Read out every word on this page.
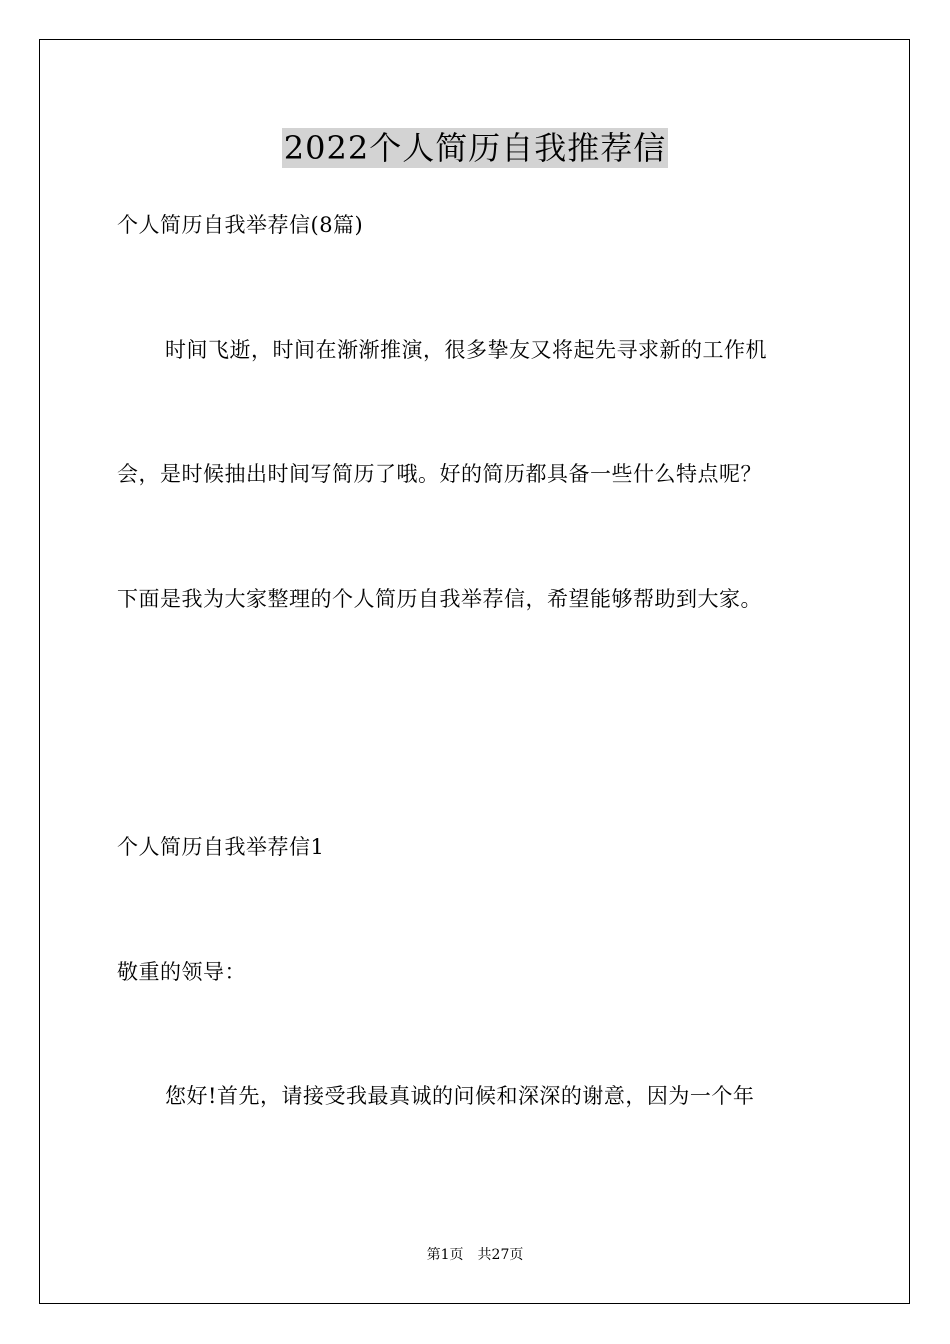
2022个人简历自我推荐信
个人简历自我举荐信(8篇)
时间飞逝，时间在渐渐推演，很多挚友又将起先寻求新的工作机
会，是时候抽出时间写简历了哦。好的简历都具备一些什么特点呢？
下面是我为大家整理的个人简历自我举荐信，希望能够帮助到大家。
个人简历自我举荐信1
敬重的领导：
您好!首先，请接受我最真诚的问候和深深的谢意，因为一个年
第1页　共27页
